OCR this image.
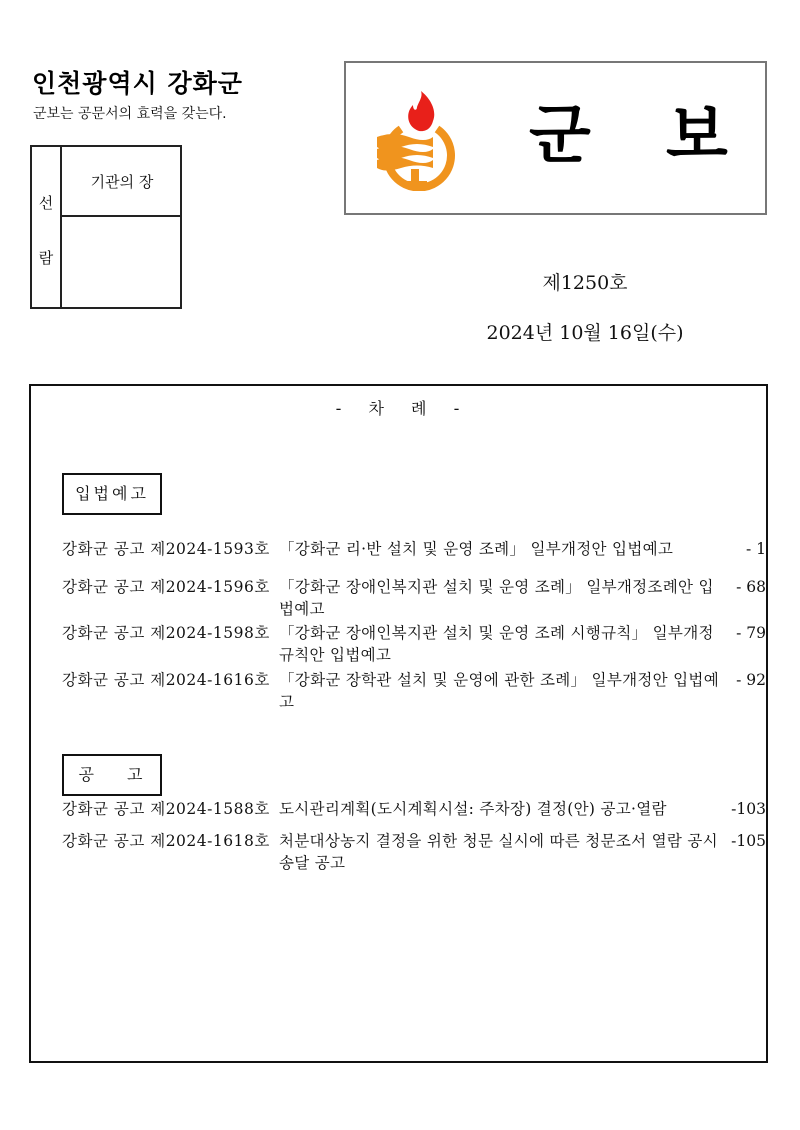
인천광역시 강화군
군보는 공문서의 효력을 갖는다.
선
람
기관의 장
군 보
제1250호
2024년 10월 16일(수)
- 차 례 -
입법예고
강화군 공고 제2024-1593호 「강화군 리·반 설치 및 운영 조례」 일부개정안 입법예고	- 1
강화군 공고 제2024-1596호 「강화군 장애인복지관 설치 및 운영 조례」 일부개정조례안 입법예고
- 68
강화군 공고 제2024-1598호 「강화군 장애인복지관 설치 및 운영 조례 시행규칙」 일부개정규칙안 입법예고
- 79
강화군 공고 제2024-1616호 「강화군 장학관 설치 및 운영에 관한 조례」 일부개정안 입법예고
- 92
공 고
강화군 공고 제2024-1588호 도시관리계획(도시계획시설: 주차장) 결정(안) 공고·열람	-103
강화군 공고 제2024-1618호 처분대상농지 결정을 위한 청문 실시에 따른 청문조서 열람 공시송달 공고
-105
